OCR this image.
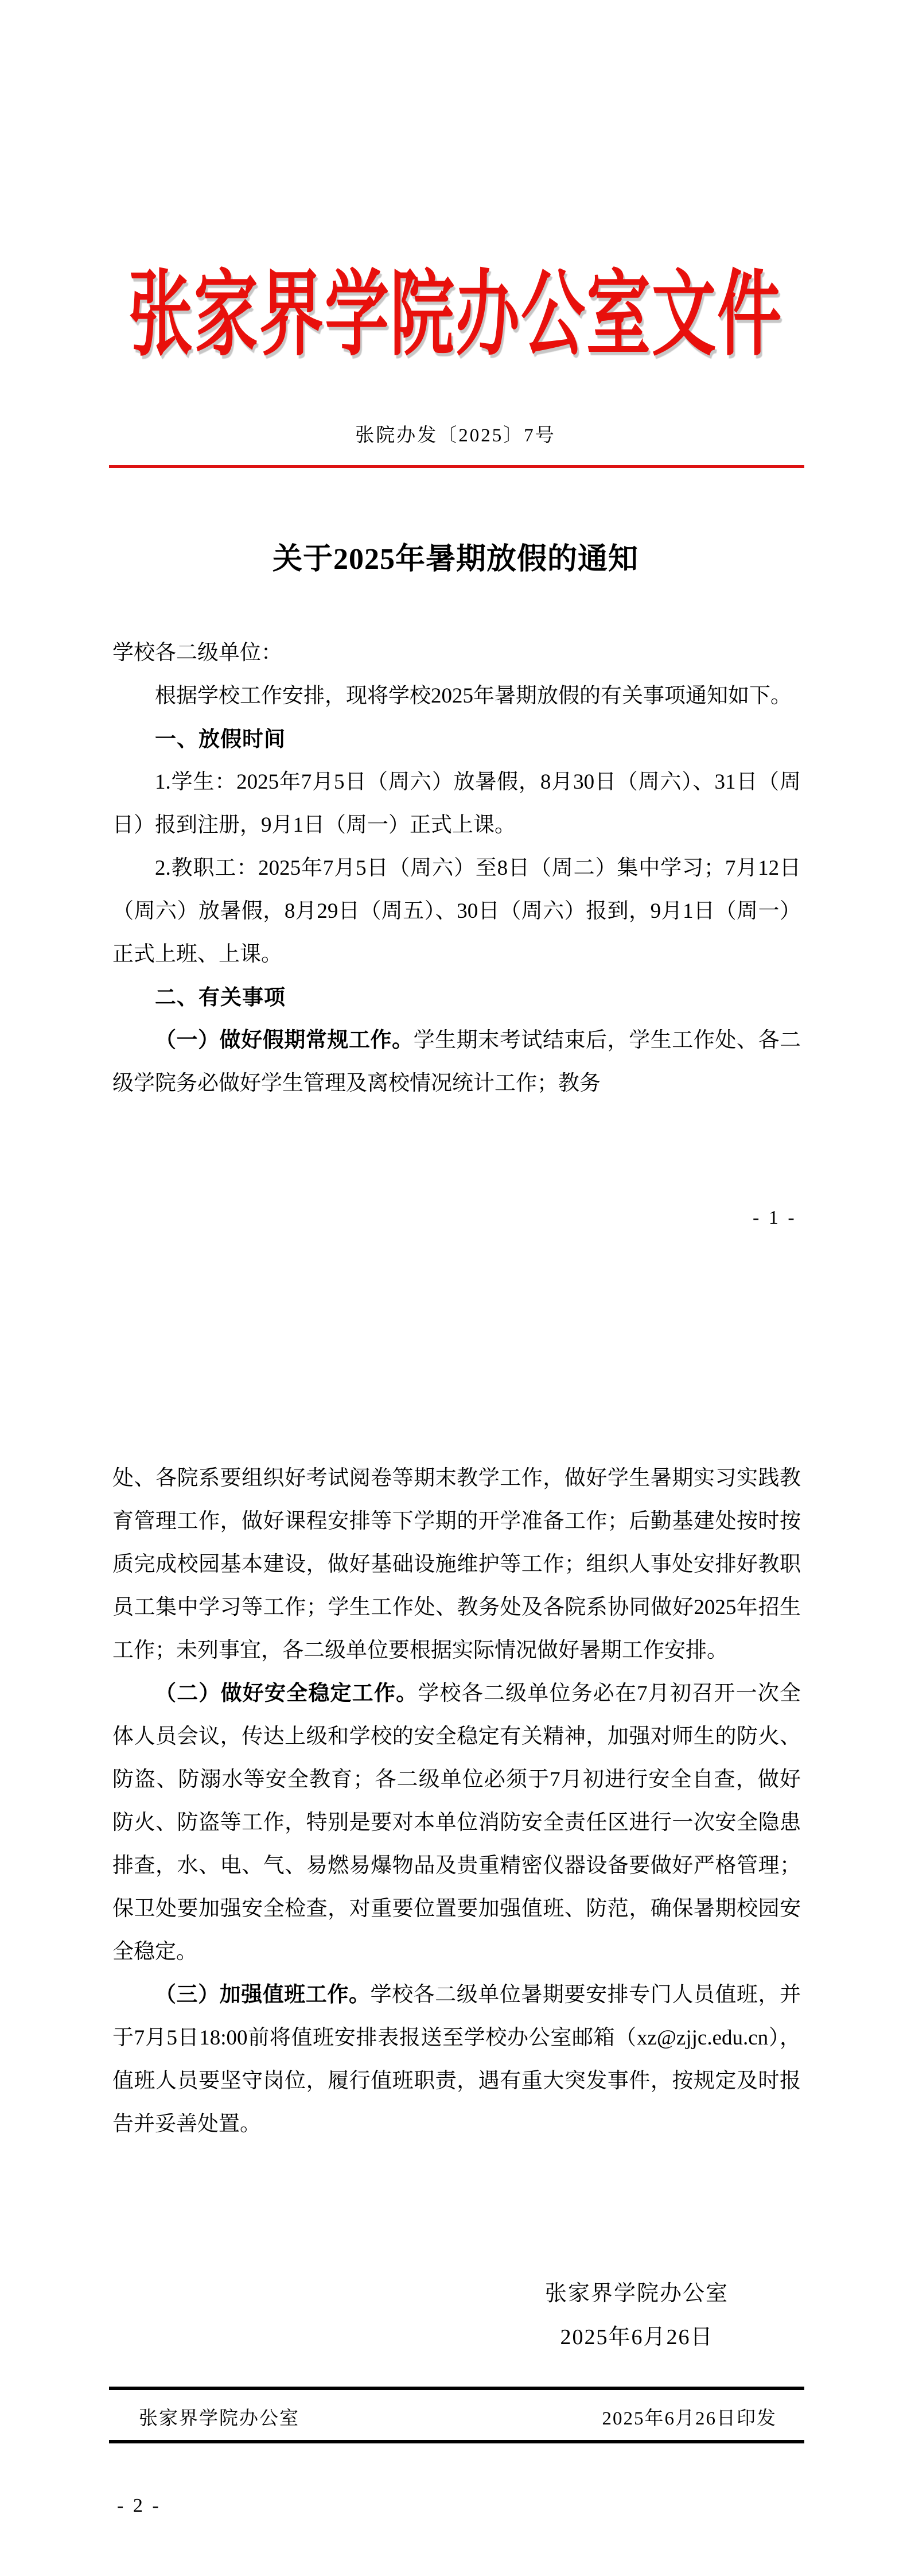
张家界学院办公室文件
张院办发〔2025〕7号
关于2025年暑期放假的通知

学校各二级单位：

根据学校工作安排，现将学校2025年暑期放假的有关事项通知如下。

一、放假时间

1.学生：2025年7月5日（周六）放暑假，8月30日（周六）、31日（周日）报到注册，9月1日（周一）正式上课。

2.教职工：2025年7月5日（周六）至8日（周二）集中学习；7月12日（周六）放暑假，8月29日（周五）、30日（周六）报到，9月1日（周一）正式上班、上课。

二、有关事项

（一）做好假期常规工作。学生期末考试结束后，学生工作处、各二级学院务必做好学生管理及离校情况统计工作；教务

- 1 -

处、各院系要组织好考试阅卷等期末教学工作，做好学生暑期实习实践教育管理工作，做好课程安排等下学期的开学准备工作；后勤基建处按时按质完成校园基本建设，做好基础设施维护等工作；组织人事处安排好教职员工集中学习等工作；学生工作处、教务处及各院系协同做好2025年招生工作；未列事宜，各二级单位要根据实际情况做好暑期工作安排。

（二）做好安全稳定工作。学校各二级单位务必在7月初召开一次全体人员会议，传达上级和学校的安全稳定有关精神，加强对师生的防火、防盗、防溺水等安全教育；各二级单位必须于7月初进行安全自查，做好防火、防盗等工作，特别是要对本单位消防安全责任区进行一次安全隐患排查，水、电、气、易燃易爆物品及贵重精密仪器设备要做好严格管理；保卫处要加强安全检查，对重要位置要加强值班、防范，确保暑期校园安全稳定。

（三）加强值班工作。学校各二级单位暑期要安排专门人员值班，并于7月5日18:00前将值班安排表报送至学校办公室邮箱（xz@zjjc.edu.cn），值班人员要坚守岗位，履行值班职责，遇有重大突发事件，按规定及时报告并妥善处置。

张家界学院办公室
2025年6月26日
张家界学院办公室	2025年6月26日印发
- 2 -
